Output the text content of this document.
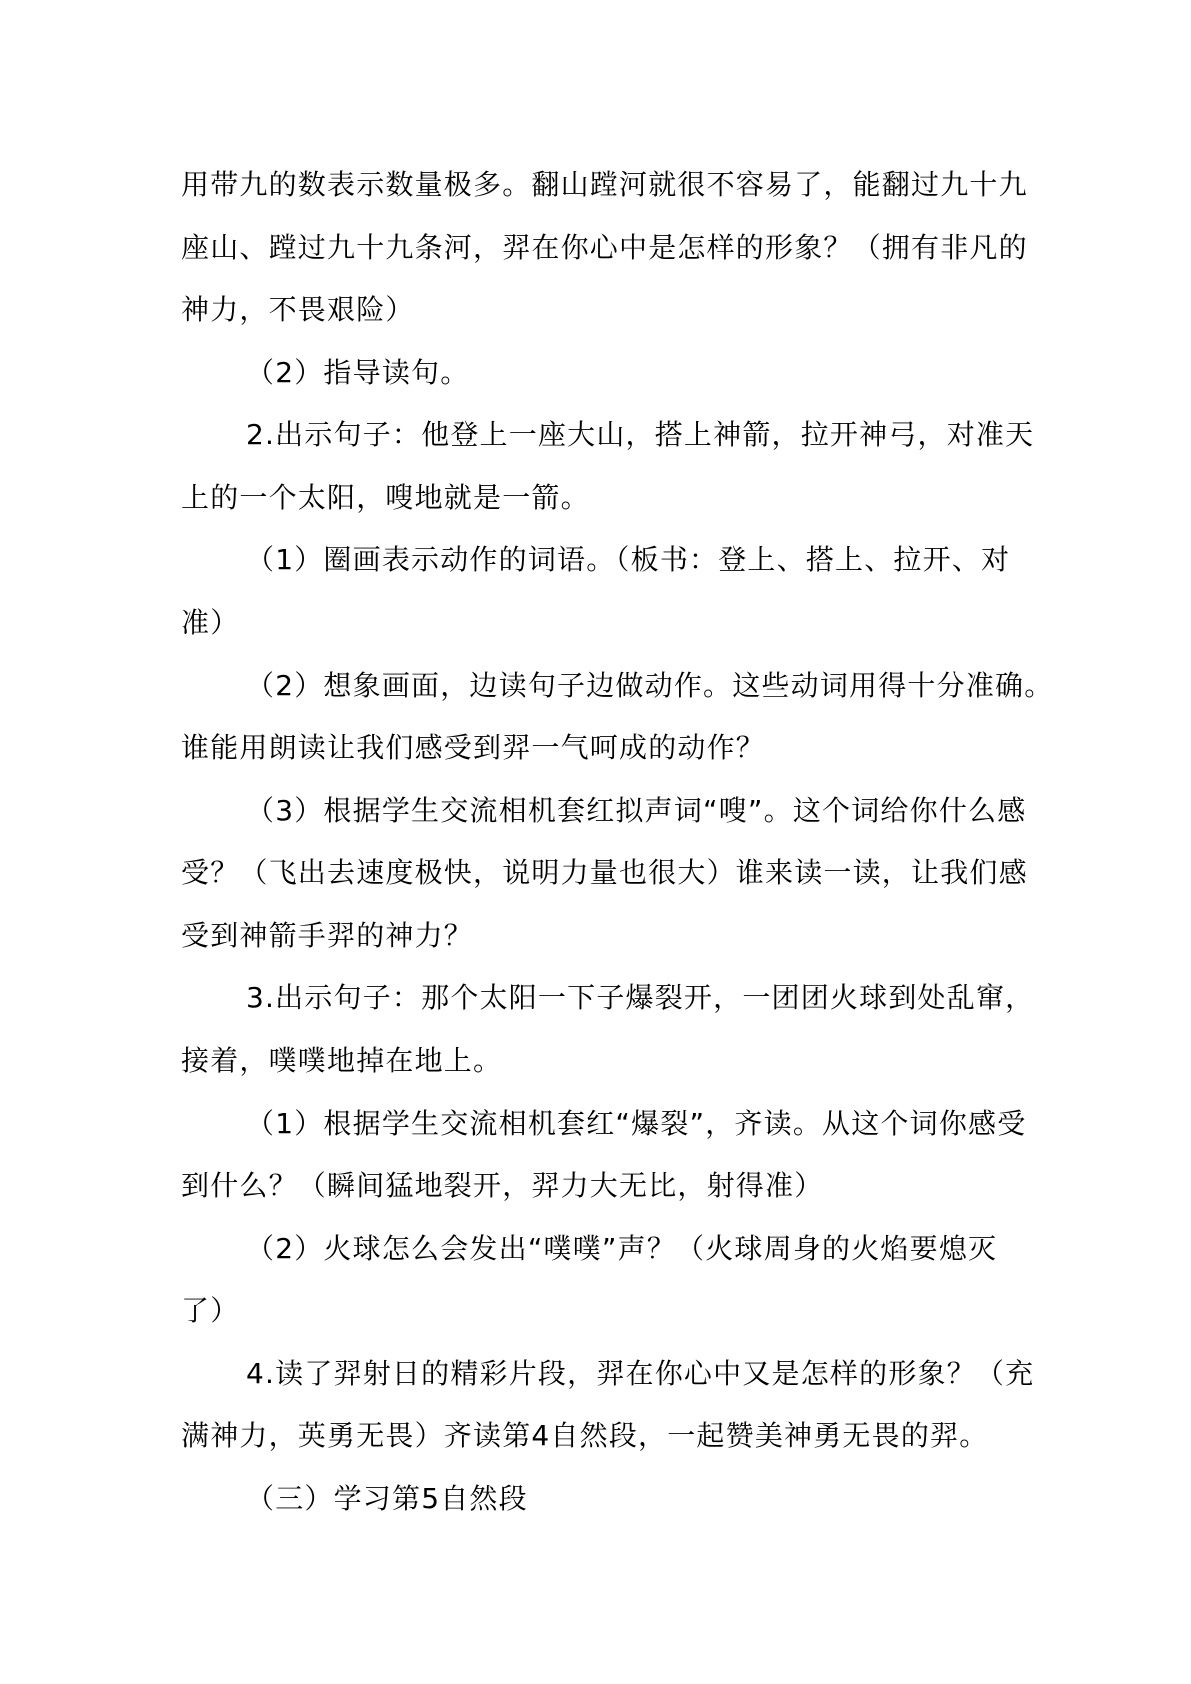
用带九的数表示数量极多。翻山蹚河就很不容易了，能翻过九十九
座山、蹚过九十九条河，羿在你心中是怎样的形象？（拥有非凡的
神力，不畏艰险）
（2）指导读句。
2.出示句子：他登上一座大山，搭上神箭，拉开神弓，对准天
上的一个太阳，嗖地就是一箭。
（1）圈画表示动作的词语。（板书：登上、搭上、拉开、对
准）
（2）想象画面，边读句子边做动作。这些动词用得十分准确。
谁能用朗读让我们感受到羿一气呵成的动作？
（3）根据学生交流相机套红拟声词“嗖”。这个词给你什么感
受？（飞出去速度极快，说明力量也很大）谁来读一读，让我们感
受到神箭手羿的神力？
3.出示句子：那个太阳一下子爆裂开，一团团火球到处乱窜，
接着，噗噗地掉在地上。
（1）根据学生交流相机套红“爆裂”，齐读。从这个词你感受
到什么？（瞬间猛地裂开，羿力大无比，射得准）
（2）火球怎么会发出“噗噗”声？（火球周身的火焰要熄灭
了）
4.读了羿射日的精彩片段，羿在你心中又是怎样的形象？（充
满神力，英勇无畏）齐读第4自然段，一起赞美神勇无畏的羿。
（三）学习第5自然段
